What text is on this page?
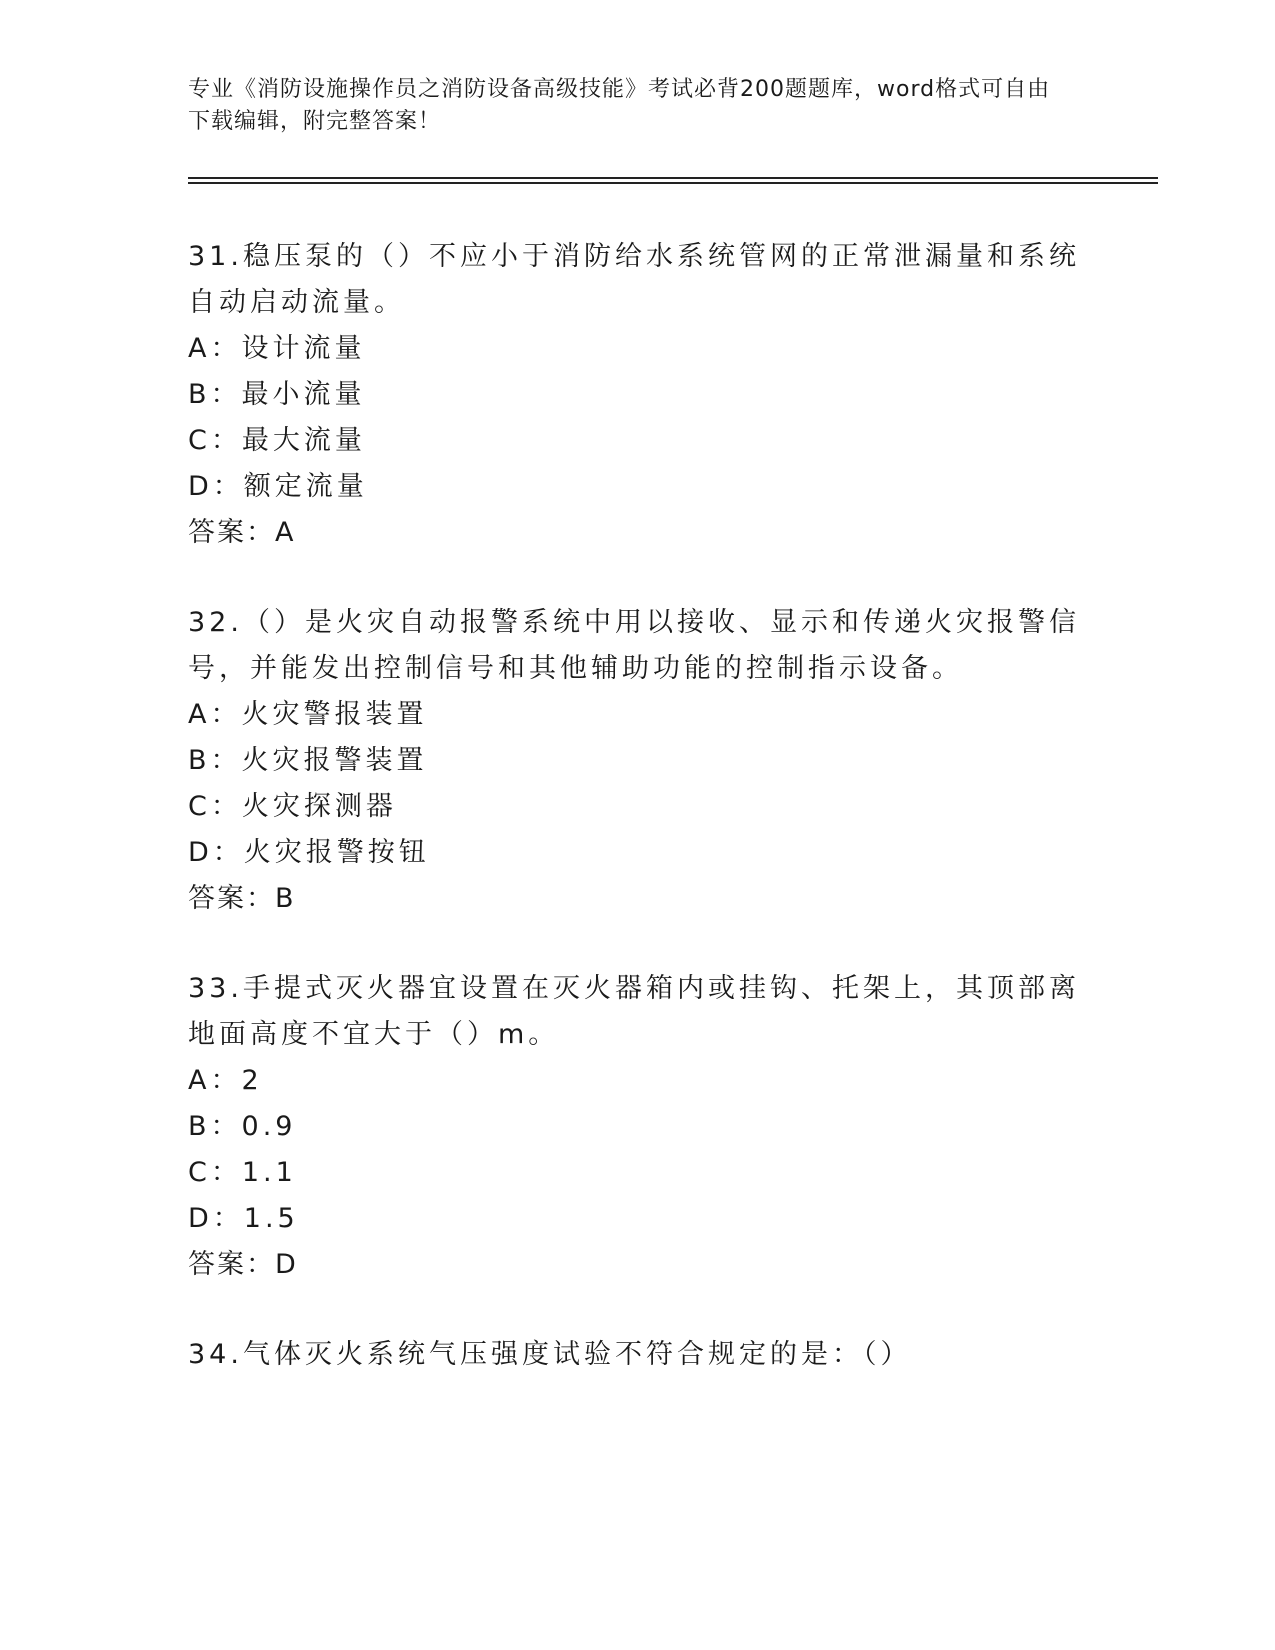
专业《消防设施操作员之消防设备高级技能》考试必背200题题库，word格式可自由下载编辑，附完整答案！

31.稳压泵的（）不应小于消防给水系统管网的正常泄漏量和系统自动启动流量。

A：设计流量

B：最小流量

C：最大流量

D：额定流量

答案：A

32.（）是火灾自动报警系统中用以接收、显示和传递火灾报警信号，并能发出控制信号和其他辅助功能的控制指示设备。

A：火灾警报装置

B：火灾报警装置

C：火灾探测器

D：火灾报警按钮

答案：B

33.手提式灭火器宜设置在灭火器箱内或挂钩、托架上，其顶部离地面高度不宜大于（）m。

A：2

B：0.9

C：1.1

D：1.5

答案：D

34.气体灭火系统气压强度试验不符合规定的是：（）
